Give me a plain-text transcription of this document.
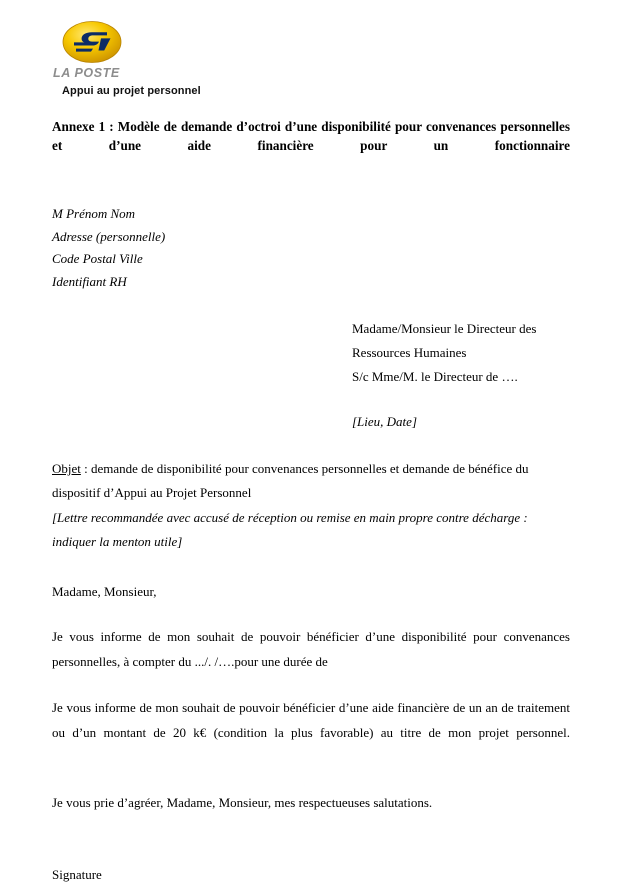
LA POSTE
Appui au projet personnel
Annexe 1 : Modèle de demande d’octroi d’une disponibilité pour convenances personnelles et d’une aide financière pour un fonctionnaire
M Prénom Nom
Adresse (personnelle)
Code Postal Ville
Identifiant RH
Madame/Monsieur le Directeur des
Ressources Humaines
S/c Mme/M. le Directeur de ….
[Lieu, Date]
Objet : demande de disponibilité pour convenances personnelles et demande de bénéfice du dispositif d’Appui au Projet Personnel
[Lettre recommandée avec accusé de réception ou remise en main propre contre décharge : indiquer la menton utile]
Madame, Monsieur,
Je vous informe de mon souhait de pouvoir bénéficier d’une disponibilité pour convenances personnelles, à compter du .../. /….pour une durée de
Je vous informe de mon souhait de pouvoir bénéficier d’une aide financière de un an de traitement ou d’un montant de 20 k€ (condition la plus favorable) au titre de mon projet personnel.
Je vous prie d’agréer, Madame, Monsieur, mes respectueuses salutations.
Signature
